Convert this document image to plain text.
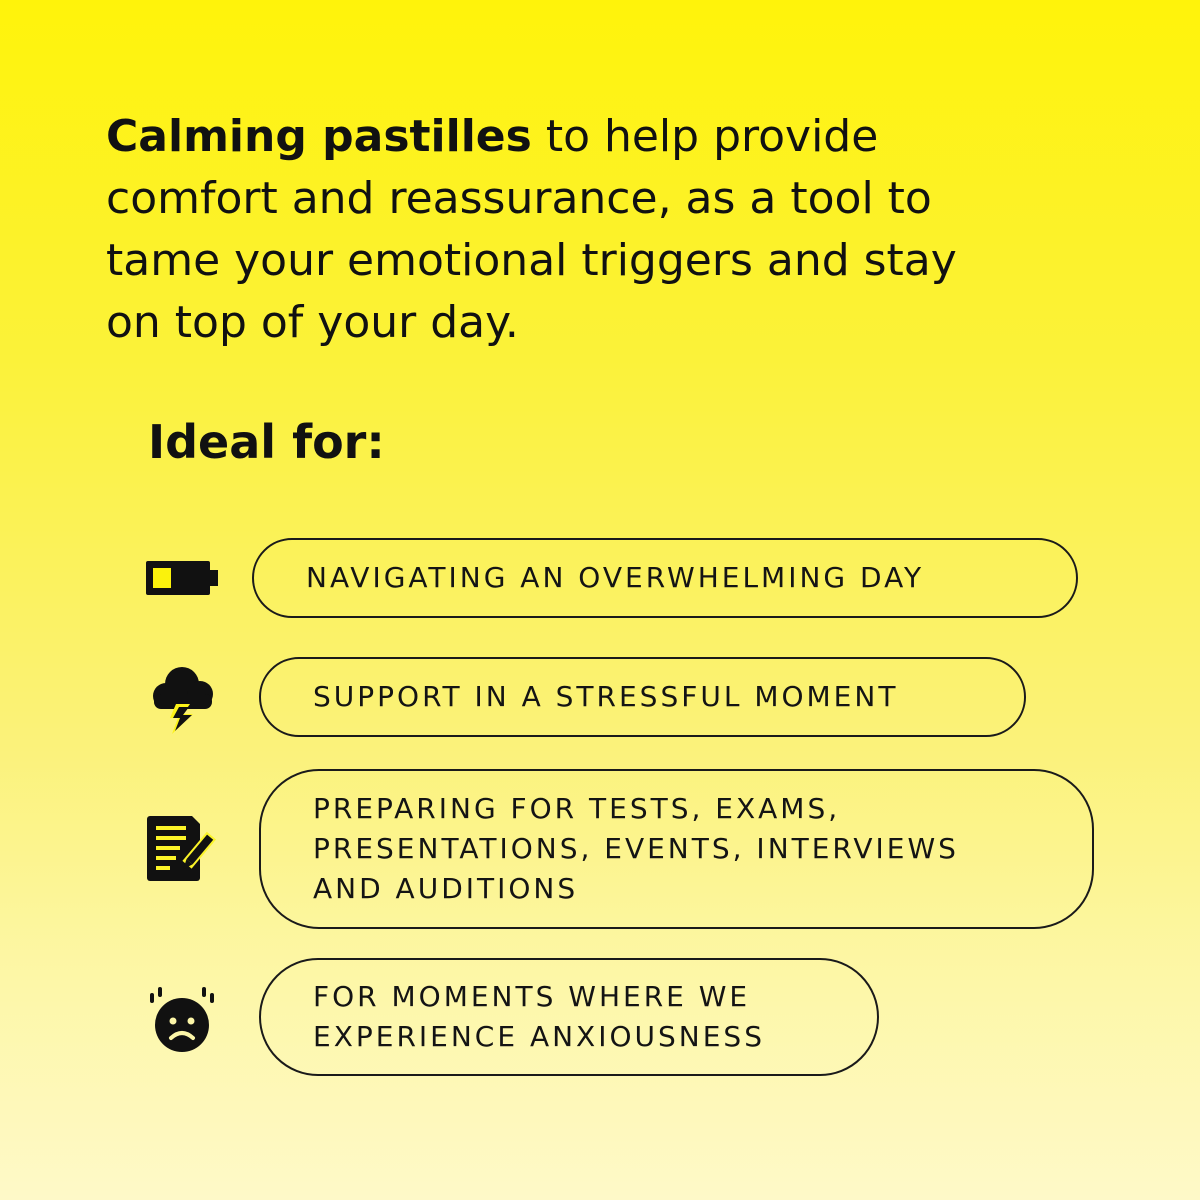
Calming pastilles to help provide comfort and reassurance, as a tool to tame your emotional triggers and stay on top of your day.

Ideal for:
NAVIGATING AN OVERWHELMING DAY
SUPPORT IN A STRESSFUL MOMENT
PREPARING FOR TESTS, EXAMS,
PRESENTATIONS, EVENTS, INTERVIEWS
AND AUDITIONS
FOR MOMENTS WHERE WE
EXPERIENCE ANXIOUSNESS
